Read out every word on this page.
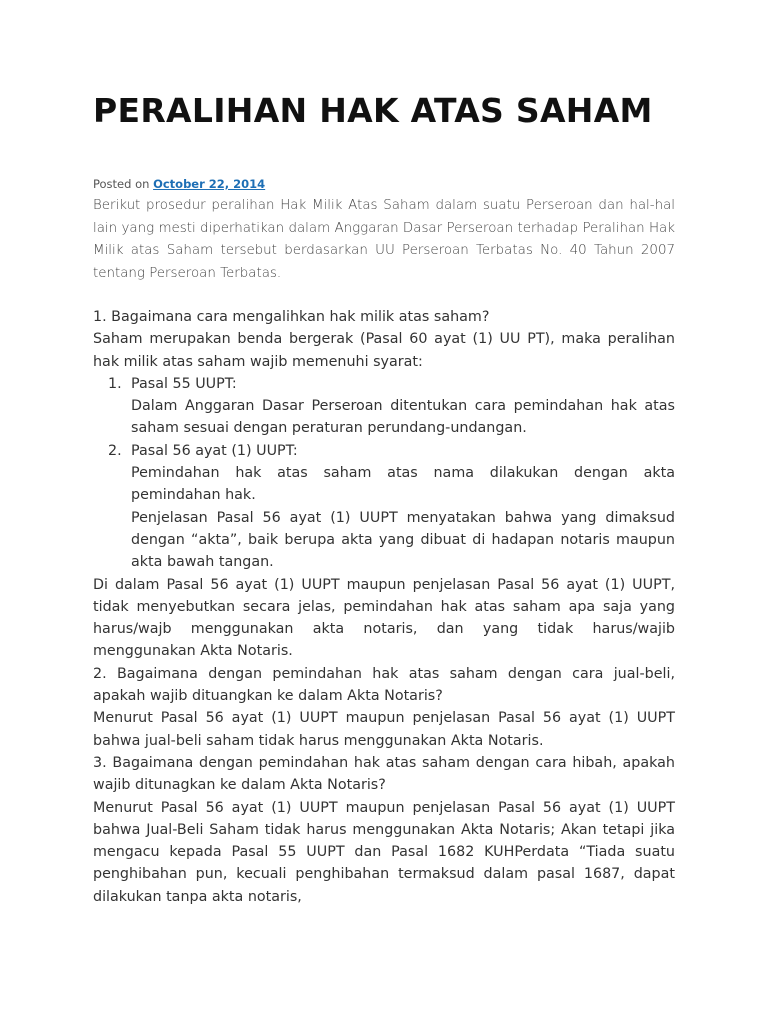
PERALIHAN HAK ATAS SAHAM
Posted on October 22, 2014

Berikut prosedur peralihan Hak Milik Atas Saham dalam suatu Perseroan dan hal-hal lain yang mesti diperhatikan dalam Anggaran Dasar Perseroan terhadap Peralihan Hak Milik atas Saham tersebut berdasarkan UU Perseroan Terbatas No. 40 Tahun 2007 tentang Perseroan Terbatas.

1. Bagaimana cara mengalihkan hak milik atas saham?

Saham merupakan benda bergerak (Pasal 60 ayat (1) UU PT), maka peralihan hak milik atas saham wajib memenuhi syarat:

1. Pasal 55 UUPT:

Dalam Anggaran Dasar Perseroan ditentukan cara pemindahan hak atas saham sesuai dengan peraturan perundang-undangan.

2. Pasal 56 ayat (1) UUPT:

Pemindahan hak atas saham atas nama dilakukan dengan akta pemindahan hak.

Penjelasan Pasal 56 ayat (1) UUPT menyatakan bahwa yang dimaksud dengan “akta”, baik berupa akta yang dibuat di hadapan notaris maupun akta bawah tangan.

Di dalam Pasal 56 ayat (1) UUPT maupun penjelasan Pasal 56 ayat (1) UUPT, tidak menyebutkan secara jelas, pemindahan hak atas saham apa saja yang harus/wajb menggunakan akta notaris, dan yang tidak harus/wajib menggunakan Akta Notaris.

2. Bagaimana dengan pemindahan hak atas saham dengan cara jual-beli, apakah wajib dituangkan ke dalam Akta Notaris?

Menurut Pasal 56 ayat (1) UUPT maupun penjelasan Pasal 56 ayat (1) UUPT bahwa jual-beli saham tidak harus menggunakan Akta Notaris.

3. Bagaimana dengan pemindahan hak atas saham dengan cara hibah, apakah wajib ditunagkan ke dalam Akta Notaris?

Menurut Pasal 56 ayat (1) UUPT maupun penjelasan Pasal 56 ayat (1) UUPT bahwa Jual-Beli Saham tidak harus menggunakan Akta Notaris; Akan tetapi jika mengacu kepada Pasal 55 UUPT dan Pasal 1682 KUHPerdata “Tiada suatu penghibahan pun, kecuali penghibahan termaksud dalam pasal 1687, dapat dilakukan tanpa akta notaris,
